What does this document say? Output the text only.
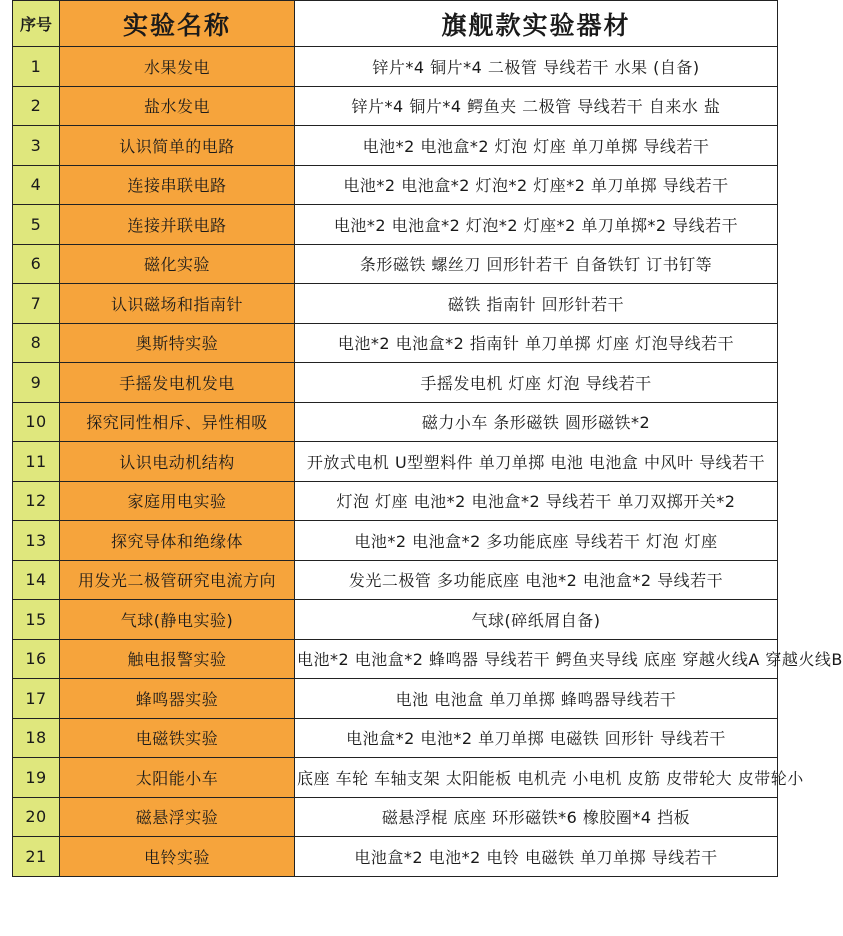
序号	实验名称	旗舰款实验器材
1	水果发电	锌片*4 铜片*4 二极管 导线若干 水果 (自备)
2	盐水发电	锌片*4 铜片*4 鳄鱼夹 二极管 导线若干 自来水 盐
3	认识简单的电路	电池*2 电池盒*2 灯泡 灯座 单刀单掷 导线若干
4	连接串联电路	电池*2 电池盒*2 灯泡*2 灯座*2 单刀单掷 导线若干
5	连接并联电路	电池*2 电池盒*2 灯泡*2 灯座*2 单刀单掷*2 导线若干
6	磁化实验	条形磁铁 螺丝刀 回形针若干 自备铁钉 订书钉等
7	认识磁场和指南针	磁铁 指南针 回形针若干
8	奥斯特实验	电池*2 电池盒*2 指南针 单刀单掷 灯座 灯泡导线若干
9	手摇发电机发电	手摇发电机 灯座 灯泡 导线若干
10	探究同性相斥、异性相吸	磁力小车 条形磁铁 圆形磁铁*2
11	认识电动机结构	开放式电机 U型塑料件 单刀单掷 电池 电池盒 中风叶 导线若干
12	家庭用电实验	灯泡 灯座 电池*2 电池盒*2 导线若干 单刀双掷开关*2
13	探究导体和绝缘体	电池*2 电池盒*2 多功能底座 导线若干 灯泡 灯座
14	用发光二极管研究电流方向	发光二极管 多功能底座 电池*2 电池盒*2 导线若干
15	气球(静电实验)	气球(碎纸屑自备)
16	触电报警实验	电池*2 电池盒*2 蜂鸣器 导线若干 鳄鱼夹导线 底座 穿越火线A 穿越火线B
17	蜂鸣器实验	电池 电池盒 单刀单掷 蜂鸣器导线若干
18	电磁铁实验	电池盒*2 电池*2 单刀单掷 电磁铁 回形针 导线若干
19	太阳能小车	底座 车轮 车轴支架 太阳能板 电机壳 小电机 皮筋 皮带轮大 皮带轮小
20	磁悬浮实验	磁悬浮棍 底座 环形磁铁*6 橡胶圈*4 挡板
21	电铃实验	电池盒*2 电池*2 电铃 电磁铁 单刀单掷 导线若干
